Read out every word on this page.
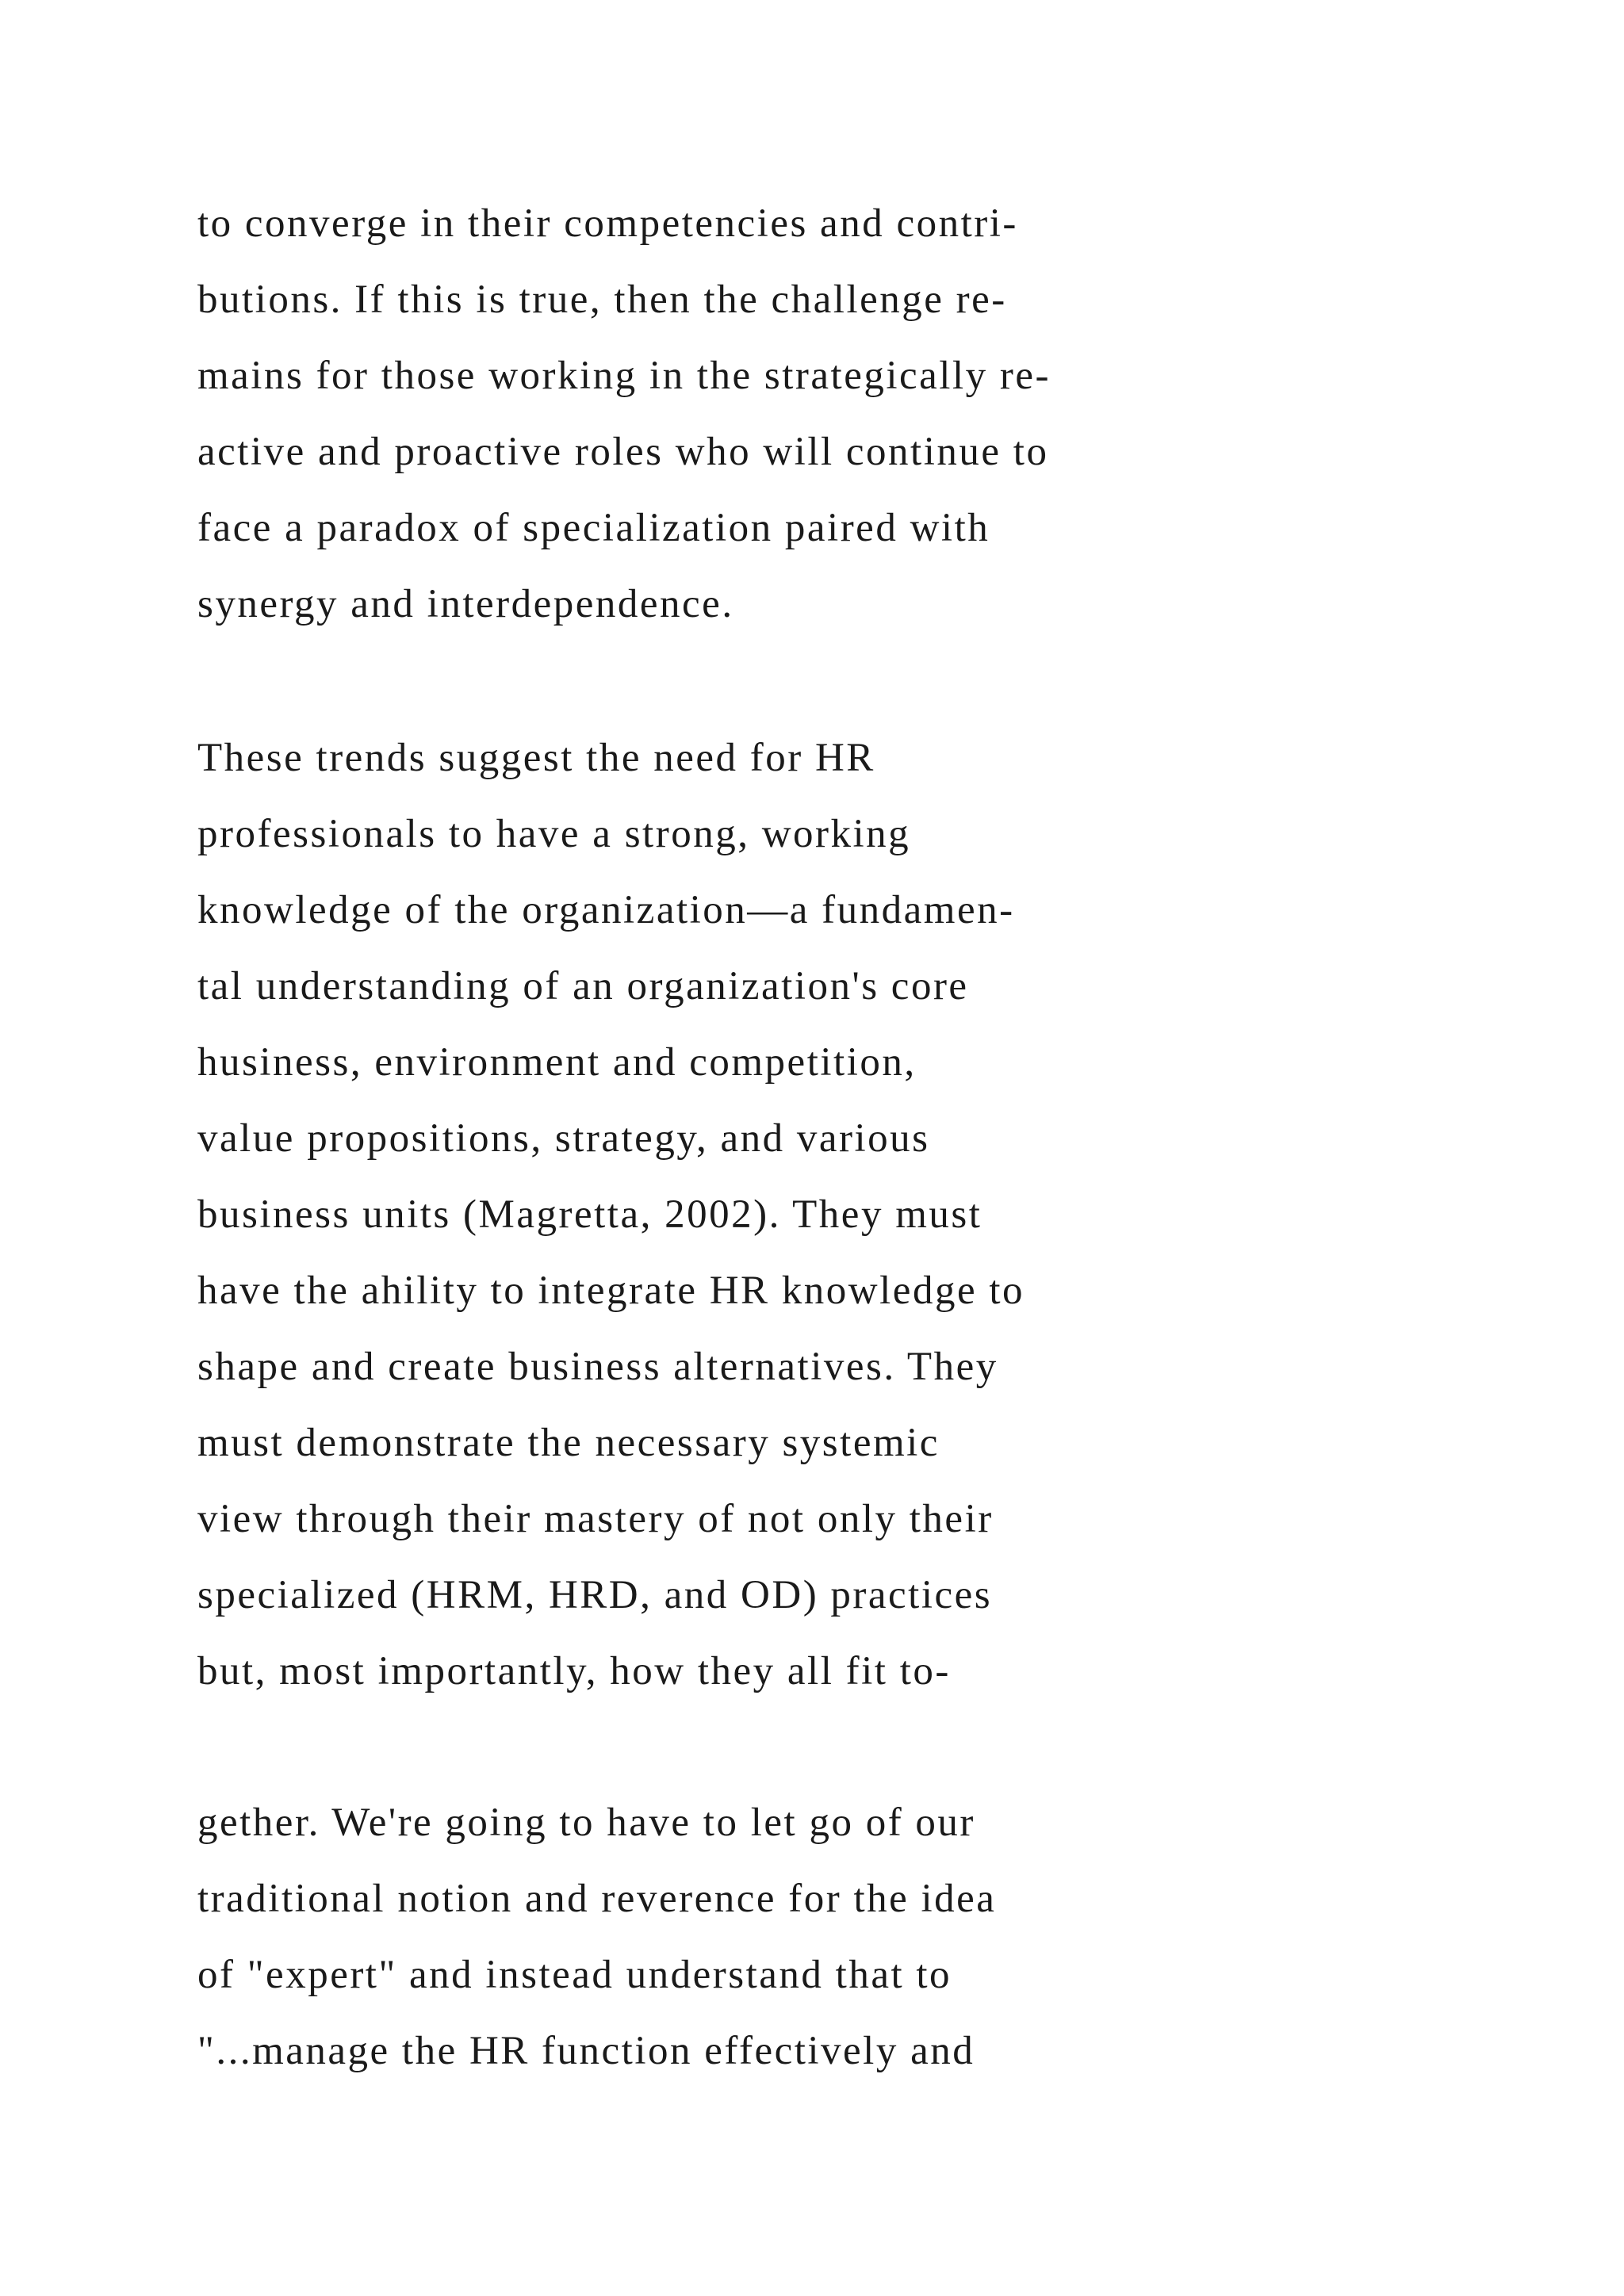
to converge in their competencies and contri-
butions. If this is true, then the challenge re-
mains for those working in the strategically re-
active and proactive roles who will continue to
face a paradox of specialization paired with
synergy and interdependence.
These trends suggest the need for HR
professionals to have a strong, working
knowledge of the organization—a fundamen-
tal understanding of an organization's core
husiness, environment and competition,
value propositions, strategy, and various
business units (Magretta, 2002). They must
have the ahility to integrate HR knowledge to
shape and create business alternatives. They
must demonstrate the necessary systemic
view through their mastery of not only their
specialized (HRM, HRD, and OD) practices
but, most importantly, how they all fit to-
gether. We're going to have to let go of our
traditional notion and reverence for the idea
of "expert" and instead understand that to
"...manage the HR function effectively and
